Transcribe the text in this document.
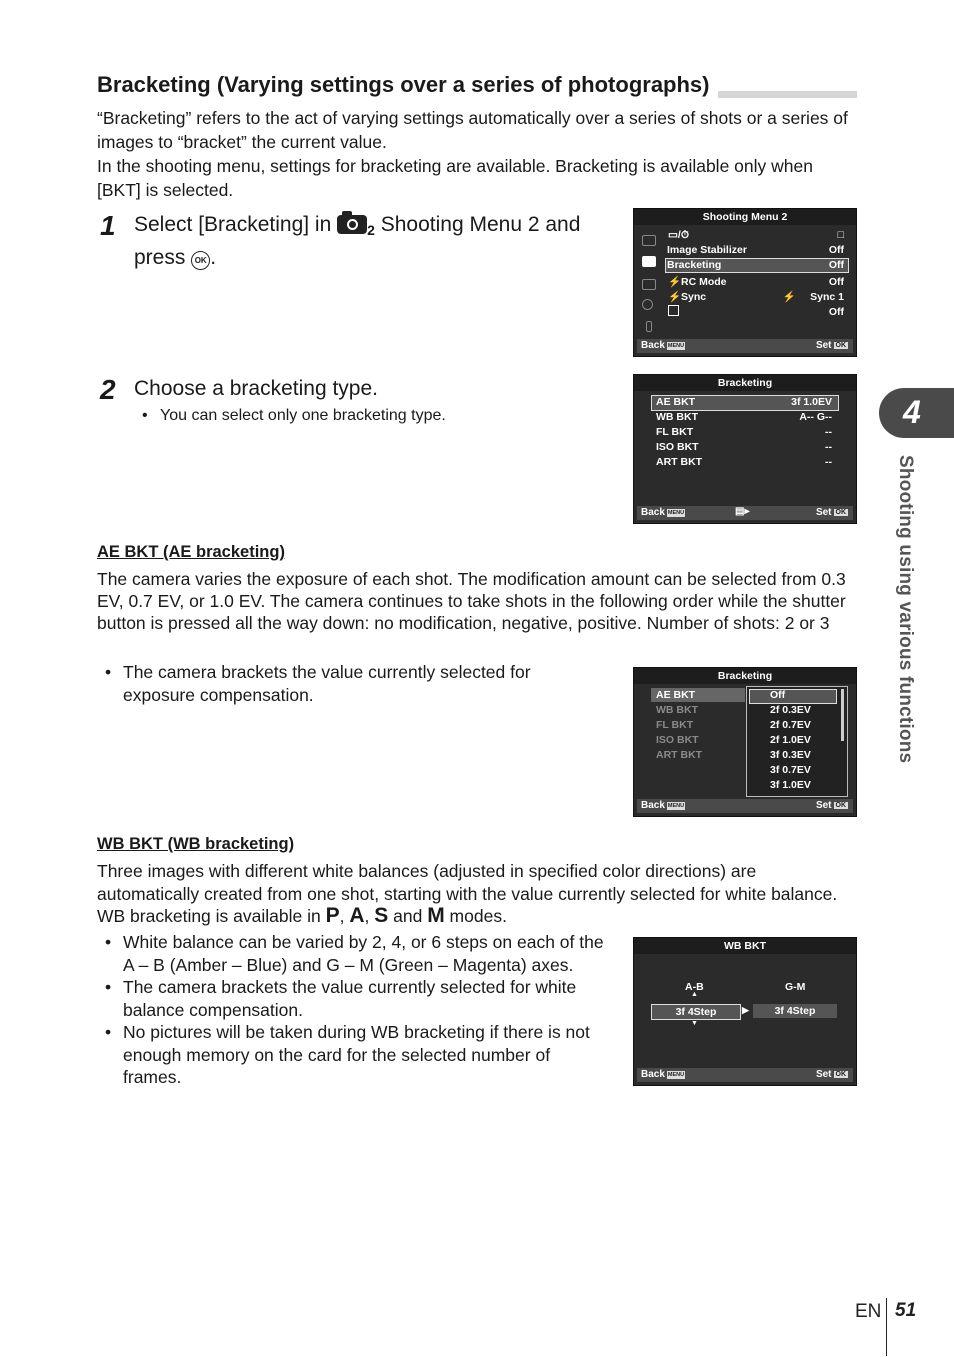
Bracketing (Varying settings over a series of photographs)
“Bracketing” refers to the act of varying settings automatically over a series of shots or a series of images to “bracket” the current value.
In the shooting menu, settings for bracketing are available. Bracketing is available only when [BKT] is selected.
1 Select [Bracketing] in 2 Shooting Menu 2 and
press OK .
Shooting Menu 2
▭/⏱	□
Image Stabilizer	Off
Bracketing	Off
⚡ RC Mode	Off
⚡ Sync	⚡ Sync 1
Off
Back MENU	Set OK
2 Choose a bracketing type.
• You can select only one bracketing type.
Bracketing
AE BKT	3f 1.0EV
WB BKT	A-- G--
FL BKT	--
ISO BKT	--
ART BKT	--
Back MENU	▤▸	Set OK
AE BKT (AE bracketing)
The camera varies the exposure of each shot. The modification amount can be selected from 0.3 EV, 0.7 EV, or 1.0 EV. The camera continues to take shots in the following order while the shutter button is pressed all the way down: no modification, negative, positive. Number of shots: 2 or 3
• The camera brackets the value currently selected for exposure compensation.
Bracketing
AE BKT
WB BKT
FL BKT
ISO BKT
ART BKT
Off
2f 0.3EV
2f 0.7EV
2f 1.0EV
3f 0.3EV
3f 0.7EV
3f 1.0EV
Back MENU	Set OK
WB BKT (WB bracketing)
Three images with different white balances (adjusted in specified color directions) are automatically created from one shot, starting with the value currently selected for white balance. WB bracketing is available in P, A, S and M modes.
• White balance can be varied by 2, 4, or 6 steps on each of the A – B (Amber – Blue) and G – M (Green – Magenta) axes.
• The camera brackets the value currently selected for white balance compensation.
• No pictures will be taken during WB bracketing if there is not enough memory on the card for the selected number of frames.
WB BKT
A-B	G-M
▲
3f 4Step	▶	3f 4Step
▼
Back MENU	Set OK
4
Shooting using various functions
EN 51
